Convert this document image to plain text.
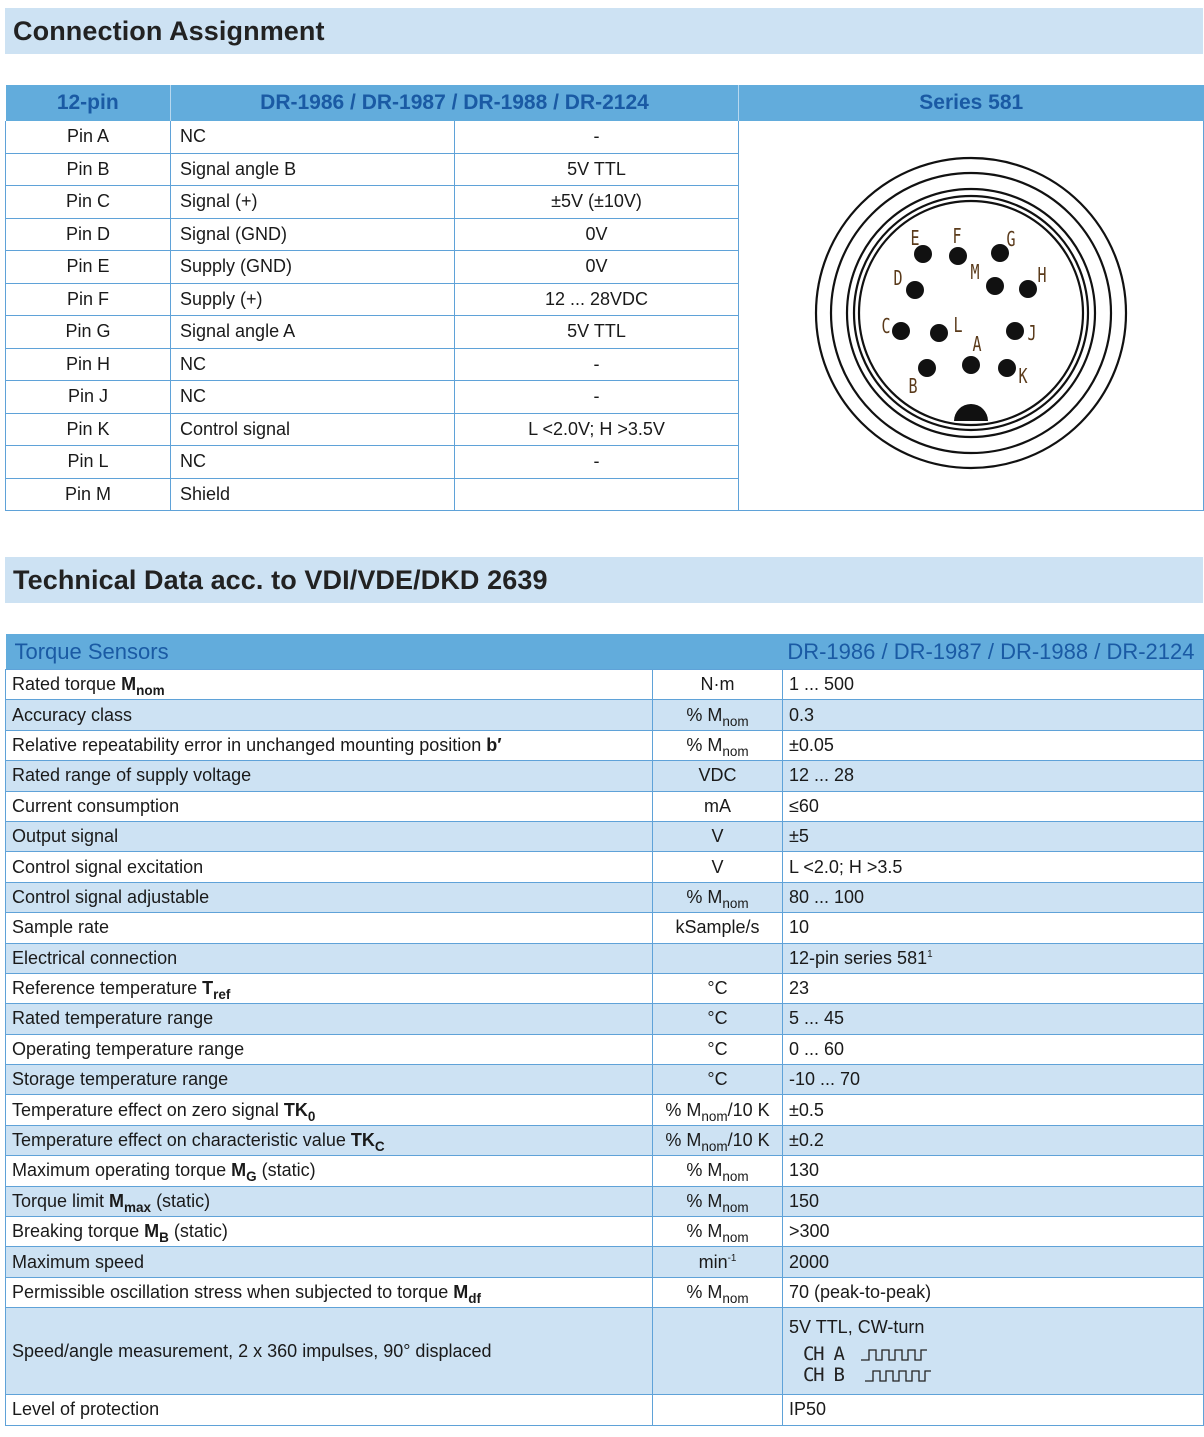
Connection Assignment
12-pin	DR-1986 / DR-1987 / DR-1988 / DR-2124		Series 581
Pin A	NC	-	
A
B
C
D
E F G
H
J
K
L
M

Pin B	Signal angle B	5V TTL	
Pin C	Signal (+)	±5V (±10V)	
Pin D	Signal (GND)	0V	
Pin E	Supply (GND)	0V	
Pin F	Supply (+)	12 ... 28VDC	
Pin G	Signal angle A	5V TTL	
Pin H	NC	-	
Pin J	NC	-	
Pin K	Control signal	L <2.0V; H >3.5V	
Pin L	NC	-	
Pin M	Shield		
Technical Data acc. to VDI/VDE/DKD 2639
Torque Sensors		DR-1986 / DR-1987 / DR-1988 / DR-2124
Rated torque $M_{nom}$	N·m	1 ... 500
Accuracy class	% $M_{nom}$	0.3
Relative repeatability error in unchanged mounting position b′	% $M_{nom}$	±0.05
Rated range of supply voltage	VDC	12 ... 28
Current consumption	mA	≤60
Output signal	V	±5
Control signal excitation	V	L <2.0; H >3.5
Control signal adjustable	% $M_{nom}$	80 ... 100
Sample rate	kSample/s	10
Electrical connection		12-pin series $581^1$
Reference temperature $T_{ref}$	°C	23
Rated temperature range	°C	5 ... 45
Operating temperature range	°C	0 ... 60
Storage temperature range	°C	-10 ... 70
Temperature effect on zero signal $TK_0$	% $M_{nom}/10$ K	±0.5
Temperature effect on characteristic value $TK_C$	% $M_{nom}/10$ K	±0.2
Maximum operating torque $M_G$ (static)	% $M_{nom}$	130
Torque limit $M_{max}$ (static)	% $M_{nom}$	150
Breaking torque $M_B$ (static)	% $M_{nom}$	>300
Maximum speed	$\min^{-1}$	2000
Permissible oscillation stress when subjected to torque $M_{df}$	% $M_{nom}$	70 (peak-to-peak)
Speed/angle measurement, 2 x 360 impulses, 90° displaced		5V TTL, CW-turn
CH A
CH B

Level of protection		IP50
